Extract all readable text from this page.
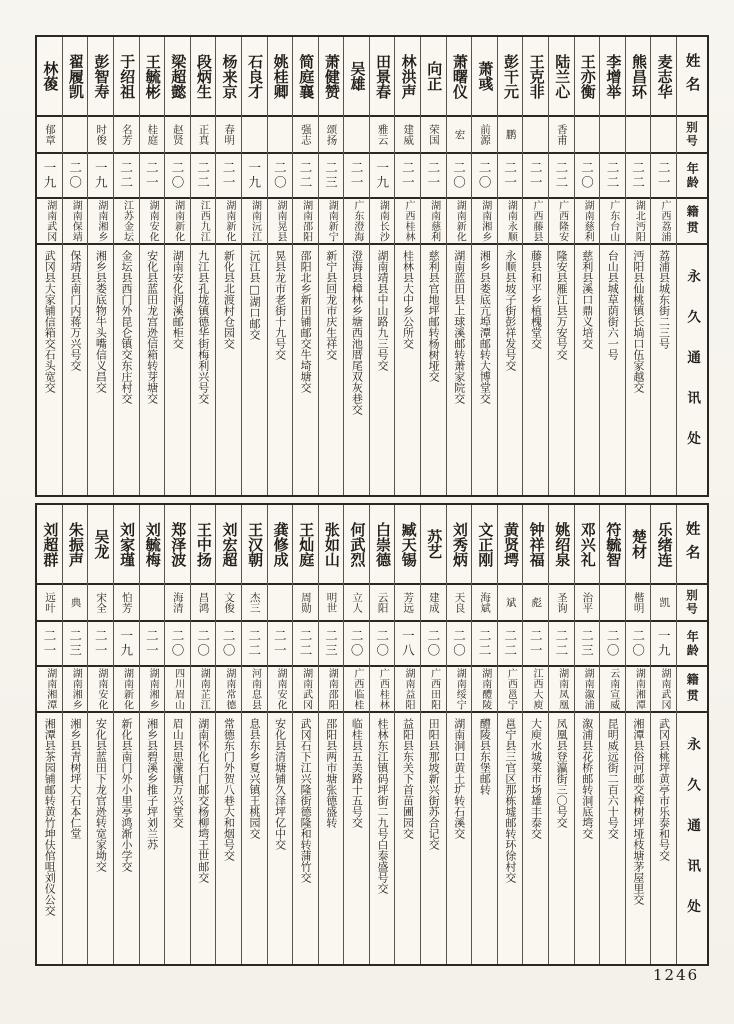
姓名
别号
年龄
籍贯
永久通讯处
麦志华
二一
广西荔浦
荔浦县城东街二三号
熊昌环
二二
湖北沔阳
沔阳县仙桃镇长埫口伍家越交
李增举
二二
广东台山
台山县城草荫街六一号
王亦衡
二〇
湖南慈利
慈利县溪口鼎义培交
陆兰心
香甫
二二
广西隆安
隆安县雁江县万安号交
王克非
二一
广西藤县
藤县和平乡植槐堂交
彭干元
鹏
二一
湖南永顺
永顺县坡子街彭祥发号交
萧彧
前源
二〇
湖南湘乡
湘乡县娄底亢埠潭邮转大博堂交
萧曙仪
宏
二〇
湖南新化
湖南蓝田县上球溪邮转萧家院交
向正
荣国
二一
湖南慈利
慈利县官地坪邮转杨树垭交
林洪声
建威
二一
广西桂林
桂林县大中乡公所交
田景春
雅云
一九
湖南长沙
湖南靖县中山路九三号交
吴雄
二一
广东澄海
澄海县樟林乡塘西池厝尾双灰巷交
萧健赞
颂扬
二三
湖南新宁
新宁县回龙市庆生祥交
简庭襄
强志
二二
湖南邵阳
邵阳北乡新田铺邮交牛埼塘交
姚桂卿
二〇
湖南晃县
晃县龙市老街十九号交
石良才
一九
湖南沅江
沅江县□湖口邮交
杨来京
春明
二一
湖南新化
新化县北渡村仓园交
段炳生
正真
二二
江西九江
九江县孔垅镇德华街梅利兴号交
梁超懿
赵贤
二〇
湖南新化
湖南安化润溪邮柜交
王毓彬
桂庭
二一
湖南安化
安化县蓝田龙宫迯信箱转芽塘交
于绍祖
名芳
二二
江苏金坛
金坛县西门外昆仑镇交东庄村交
彭智寿
时俊
一九
湖南湘乡
湘乡县娄底物牛头嘴信义昌交
翟履凯
二〇
湖南保靖
保靖县南门内蒋万兴号交
林葰
郁章
一九
湖南武冈
武冈县大家铺信箱交石头宽交
姓名
别号
年龄
籍贯
永久通讯处
乐绪连
凯
一九
湖南武冈
武冈县桃坪黄亭市乐泰和号交
楚材
楷明
二〇
湖南湘潭
湘潭县俗河邮交榨树坪垭枝塘茅屋里交
符毓智
二〇
云南宣威
昆明威远街二百六十号交
邓兴礼
治平
二三
湖南溆浦
溆浦县花桥邮转洞底塆交
姚绍泉
圣询
二二
湖南凤凰
凤凰县登瀛街三〇号交
钟祥福
彪
二一
江西大庾
大庾水城菜市场雄丰泰交
黄贤堮
斌
二二
广西邕宁
邕宁县三官区那栋墟邮转环徐村交
文正刚
海斌
二二
湖南醴陵
醴陵县东堡邮转
刘秀炳
天良
二〇
湖南绥宁
湖南洞口黄土圹转石溪交
苏艺
建成
二〇
广西田阳
田阳县那坡新兴街苏合记交
臧天锡
芳远
一八
湖南益阳
益阳县东关下首苗圃园交
白崇德
云阳
二〇
广西桂林
桂林东江镇码坪街二九号白泰盛号交
何武烈
立人
二〇
广西临桂
临桂县五美路十五号交
张如山
明世
二三
湖南邵阳
邵阳县两市塘张德盛转
王灿庭
周勋
二二
湖南武冈
武冈石下江兴隆街德隆和转蒲竹交
龚修成
二一
湖南安化
安化县清塘铺久泽坪亿中交
王汉朝
杰三
二二
河南息县
息县东乡夏兴镇王桃园交
刘宏超
文俊
二〇
湖南常德
常德东门外贺八巷大和烟号交
王中扬
昌鸿
二〇
湖南芷江
湖南怀化石门邮交杨柳塆王世邮交
郑泽波
海清
二〇
四川眉山
眉山县思濛镇万兴堂交
刘毓梅
二一
湖南湘乡
湘乡县碧溪乡推子坪刘兰苏
刘家瑾
怕芳
一九
湖南新化
新化县南门外小里亭鸿渐小学交
吴龙
宋全
二一
湖南安化
安化县蓝田下龙官迯转宽家坳交
朱振声
典
二三
湖南湘乡
湘乡县青树坪大石本仁堂
刘超群
远叶
二一
湖南湘潭
湘潭县茶园铺邮转黄竹坤伕倌咀刘仪公交
1246
